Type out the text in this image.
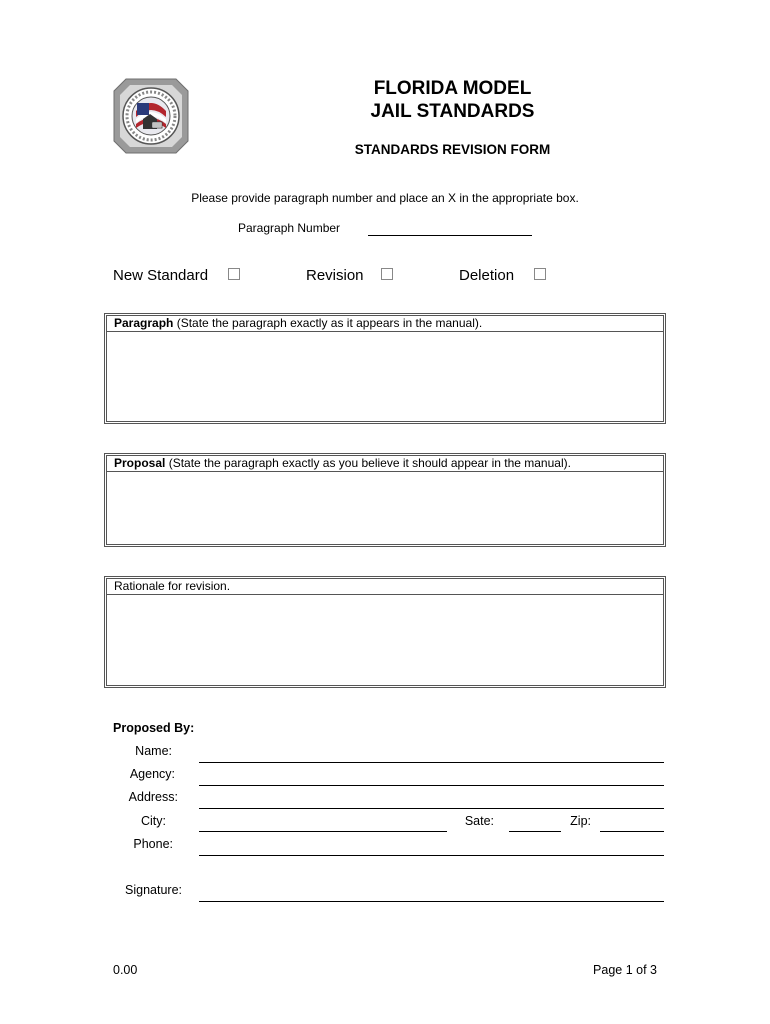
FLORIDA MODEL
JAIL STANDARDS
STANDARDS REVISION FORM
Please provide paragraph number and place an X in the appropriate box.
Paragraph Number
New Standard	Revision	Deletion
Paragraph (State the paragraph exactly as it appears in the manual).
Proposal (State the paragraph exactly as you believe it should appear in the manual).
Rationale for revision.
Proposed By:
Name:
Agency:
Address:
City:	Sate:	Zip:
Phone:
Signature:
0.00	Page 1 of 3
